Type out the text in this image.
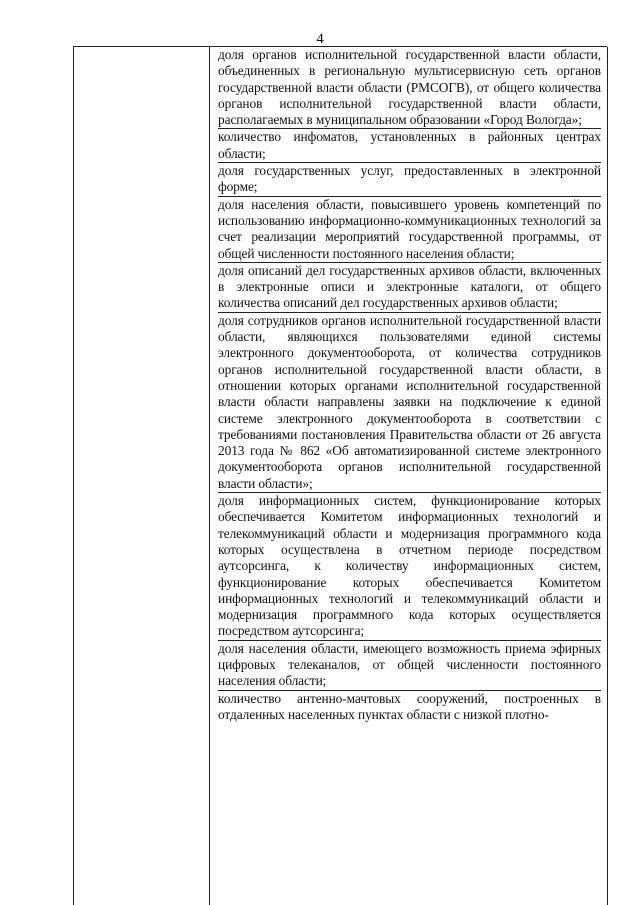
4
доля органов исполнительной государственной власти области, объединенных в региональную мультисервисную сеть органов государственной власти области (РМСОГВ), от общего количества органов исполнительной государственной власти области, располагаемых в муниципальном образовании «Город Вологда»;
количество инфоматов, установленных в районных центрах области;
доля государственных услуг, предоставленных в электронной форме;
доля населения области, повысившего уровень компетенций по использованию информационно-коммуникационных технологий за счет реализации мероприятий государственной программы, от общей численности постоянного населения области;
доля описаний дел государственных архивов области, включенных в электронные описи и электронные каталоги, от общего количества описаний дел государственных архивов области;
доля сотрудников органов исполнительной государственной власти области, являющихся пользователями единой системы электронного документооборота, от количества сотрудников органов исполнительной государственной власти области, в отношении которых органами исполнительной государственной власти области направлены заявки на подключение к единой системе электронного документооборота в соответствии с требованиями постановления Правительства области от 26 августа 2013 года № 862 «Об автоматизированной системе электронного документооборота органов исполнительной государственной власти области»;
доля информационных систем, функционирование которых обеспечивается Комитетом информационных технологий и телекоммуникаций области и модернизация программного кода которых осуществлена в отчетном периоде посредством аутсорсинга, к количеству информационных систем, функционирование которых обеспечивается Комитетом информационных технологий и телекоммуникаций области и модернизация программного кода которых осуществляется посредством аутсорсинга;
доля населения области, имеющего возможность приема эфирных цифровых телеканалов, от общей численности постоянного населения области;
количество антенно-мачтовых сооружений, построенных в отдаленных населенных пунктах области с низкой плотно-
